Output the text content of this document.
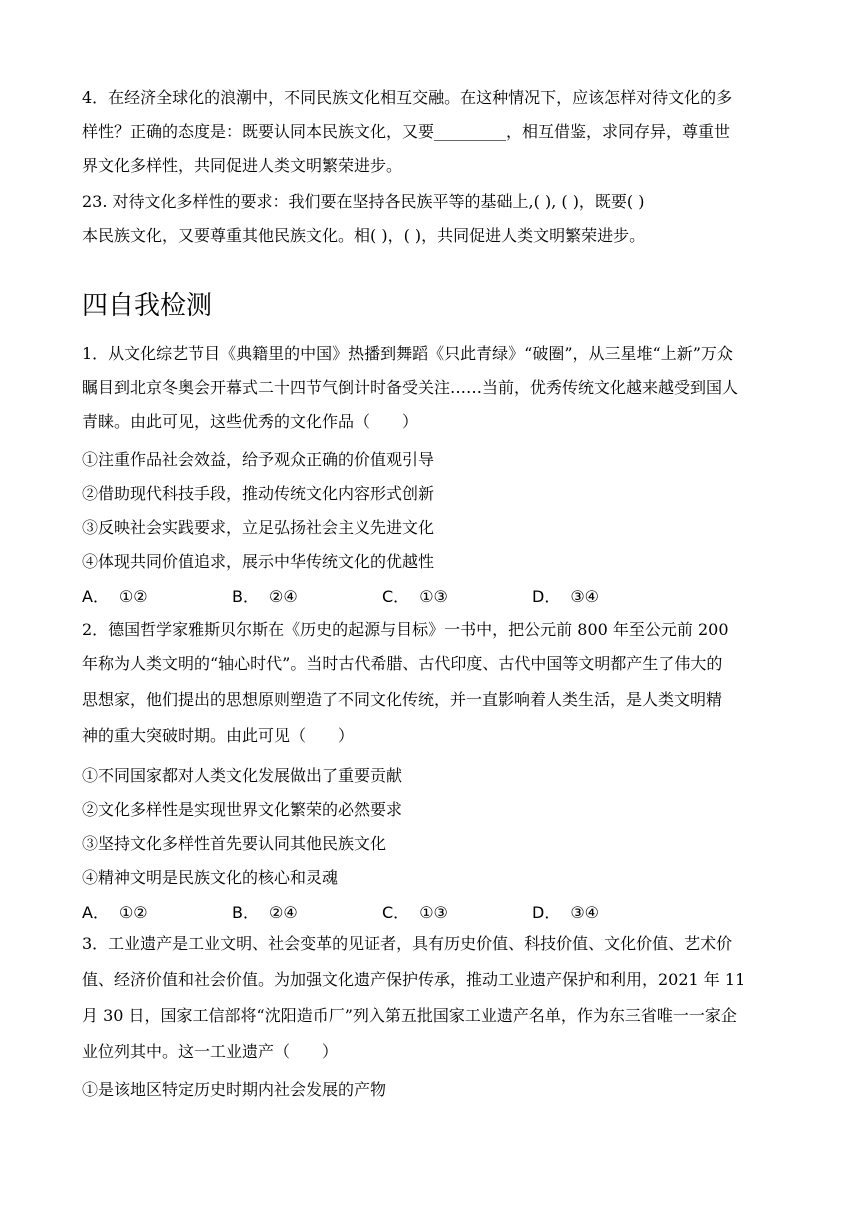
4．在经济全球化的浪潮中，不同民族文化相互交融。在这种情况下，应该怎样对待文化的多
样性？正确的态度是：既要认同本民族文化，又要_________，相互借鉴，求同存异，尊重世
界文化多样性，共同促进人类文明繁荣进步。
23. 对待文化多样性的要求：我们要在坚持各民族平等的基础上,( ), ( )，既要( )
本民族文化，又要尊重其他民族文化。相( )，( )，共同促进人类文明繁荣进步。
四自我检测
1．从文化综艺节目《典籍里的中国》热播到舞蹈《只此青绿》“破圈”，从三星堆“上新”万众
瞩目到北京冬奥会开幕式二十四节气倒计时备受关注……当前，优秀传统文化越来越受到国人
青睐。由此可见，这些优秀的文化作品（　　）
①注重作品社会效益，给予观众正确的价值观引导
②借助现代科技手段，推动传统文化内容形式创新
③反映社会实践要求，立足弘扬社会主义先进文化
④体现共同价值追求，展示中华传统文化的优越性
A． ①②	B． ②④	C． ①③	D． ③④
2．德国哲学家雅斯贝尔斯在《历史的起源与目标》一书中，把公元前 800 年至公元前 200
年称为人类文明的“轴心时代”。当时古代希腊、古代印度、古代中国等文明都产生了伟大的
思想家，他们提出的思想原则塑造了不同文化传统，并一直影响着人类生活，是人类文明精
神的重大突破时期。由此可见（　　）
①不同国家都对人类文化发展做出了重要贡献
②文化多样性是实现世界文化繁荣的必然要求
③坚持文化多样性首先要认同其他民族文化
④精神文明是民族文化的核心和灵魂
A． ①②	B． ②④	C． ①③	D． ③④
3．工业遗产是工业文明、社会变革的见证者，具有历史价值、科技价值、文化价值、艺术价
值、经济价值和社会价值。为加强文化遗产保护传承，推动工业遗产保护和利用，2021 年 11
月 30 日，国家工信部将“沈阳造币厂”列入第五批国家工业遗产名单，作为东三省唯一一家企
业位列其中。这一工业遗产（　　）
①是该地区特定历史时期内社会发展的产物
